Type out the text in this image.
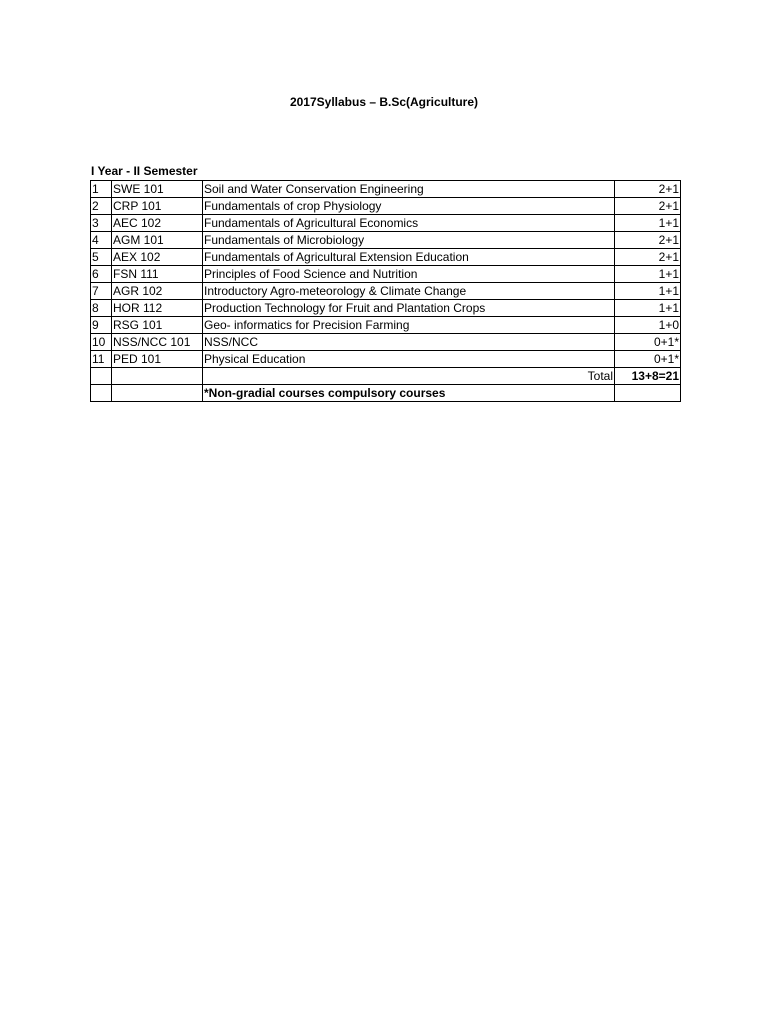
2017Syllabus – B.Sc(Agriculture)
I Year - II Semester
1	SWE 101	Soil and Water Conservation Engineering	2+1
2	CRP 101	Fundamentals of crop Physiology	2+1
3	AEC 102	Fundamentals of Agricultural Economics	1+1
4	AGM 101	Fundamentals of Microbiology	2+1
5	AEX 102	Fundamentals of Agricultural Extension Education	2+1
6	FSN 111	Principles of Food Science and Nutrition	1+1
7	AGR 102	Introductory Agro-meteorology & Climate Change	1+1
8	HOR 112	Production Technology for Fruit and Plantation Crops	1+1
9	RSG 101	Geo- informatics for Precision Farming	1+0
10	NSS/NCC 101	NSS/NCC	0+1*
11	PED 101	Physical Education	0+1*
		Total	13+8=21
		*Non-gradial courses compulsory courses	
